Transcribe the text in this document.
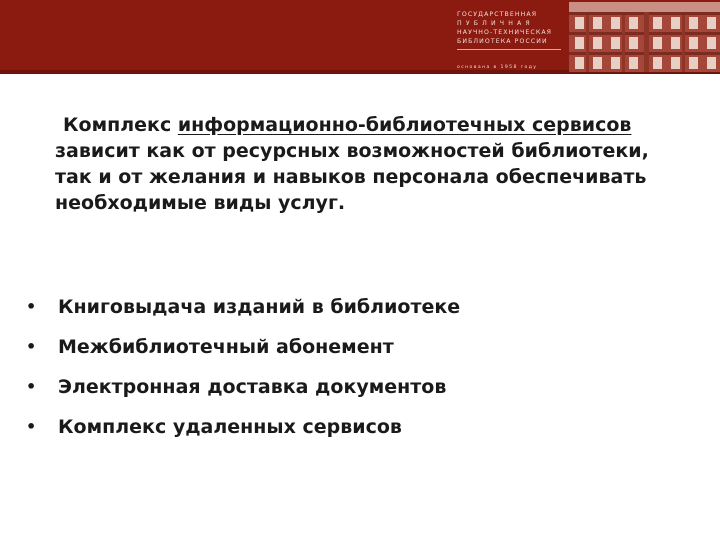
ГОСУДАРСТВЕННАЯ
П У Б Л И Ч Н А Я
НАУЧНО-ТЕХНИЧЕСКАЯ
БИБЛИОТЕКА РОССИИ
основана в 1958 году
Комплекс информационно-библиотечных сервисов
зависит как от ресурсных возможностей библиотеки,
так и от желания и навыков персонала обеспечивать
необходимые виды услуг.
• Книговыдача изданий в библиотеке
• Межбиблиотечный абонемент
• Электронная доставка документов
• Комплекс удаленных сервисов
